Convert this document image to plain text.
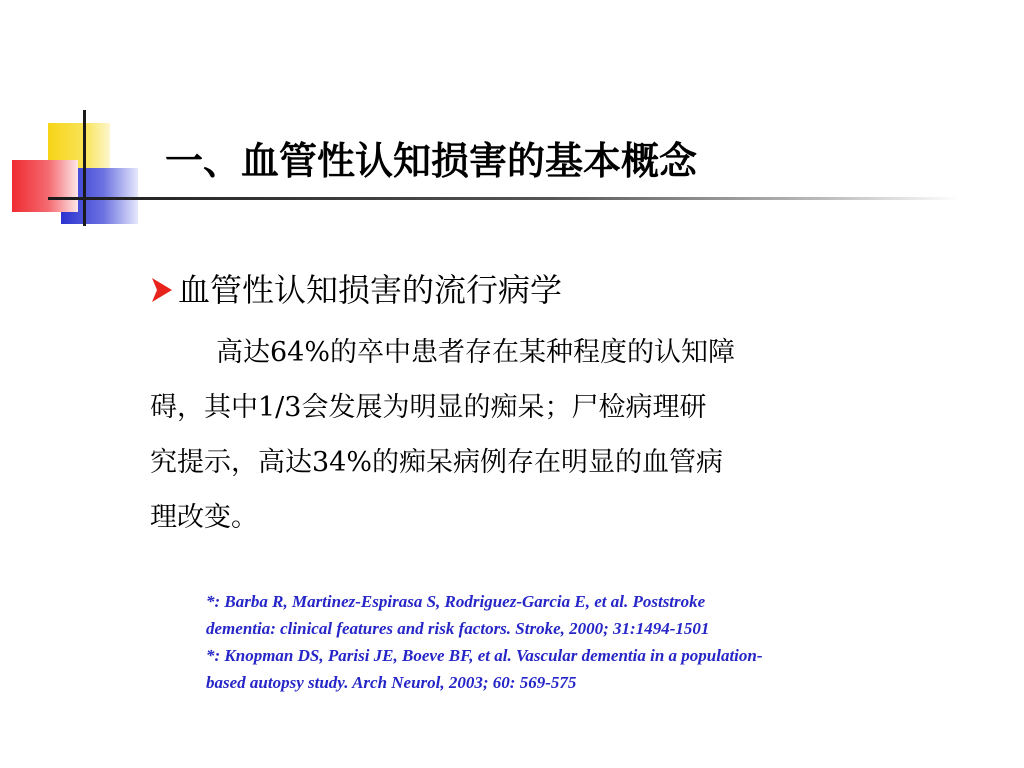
一、血管性认知损害的基本概念
血管性认知损害的流行病学
高达64%的卒中患者存在某种程度的认知障
碍，其中1/3会发展为明显的痴呆；尸检病理研
究提示，高达34%的痴呆病例存在明显的血管病
理改变。
*: Barba R, Martinez-Espirasa S, Rodriguez-Garcia E, et al. Poststroke
dementia: clinical features and risk factors. Stroke, 2000; 31:1494-1501
*: Knopman DS, Parisi JE, Boeve BF, et al. Vascular dementia in a population-
based autopsy study. Arch Neurol, 2003; 60: 569-575
